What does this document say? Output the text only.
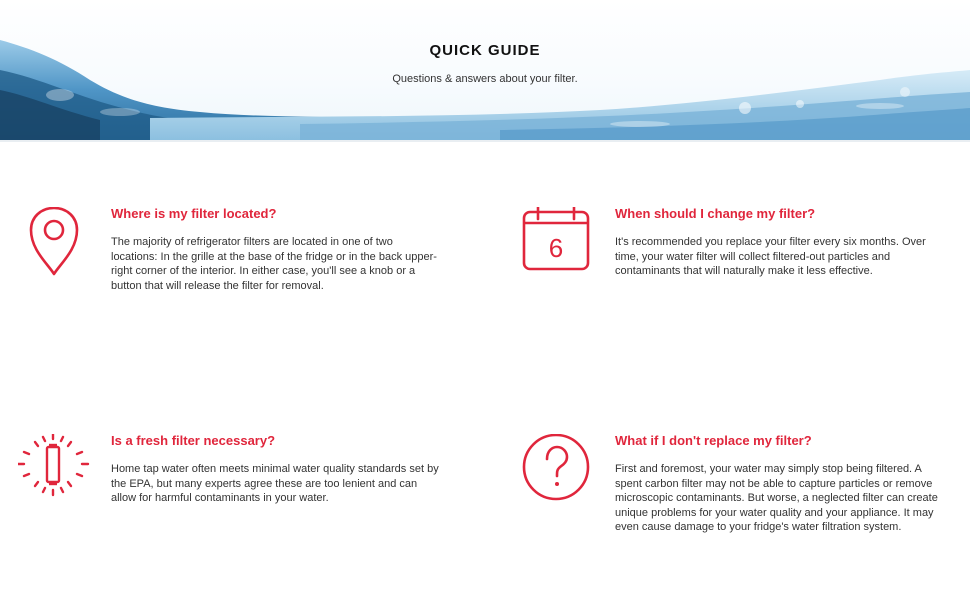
QUICK GUIDE
Questions & answers about your filter.
Where is my filter located?

The majority of refrigerator filters are located in one of two locations: In the grille at the base of the fridge or in the back upper-right corner of the interior. In either case, you'll see a knob or a button that will release the filter for removal.

6
When should I change my filter?

It's recommended you replace your filter every six months. Over time, your water filter will collect filtered-out particles and contaminants that will naturally make it less effective.

Is a fresh filter necessary?

Home tap water often meets minimal water quality standards set by the EPA, but many experts agree these are too lenient and can allow for harmful contaminants in your water.

What if I don't replace my filter?

First and foremost, your water may simply stop being filtered. A spent carbon filter may not be able to capture particles or remove microscopic contaminants. But worse, a neglected filter can create unique problems for your water quality and your appliance. It may even cause damage to your fridge's water filtration system.
